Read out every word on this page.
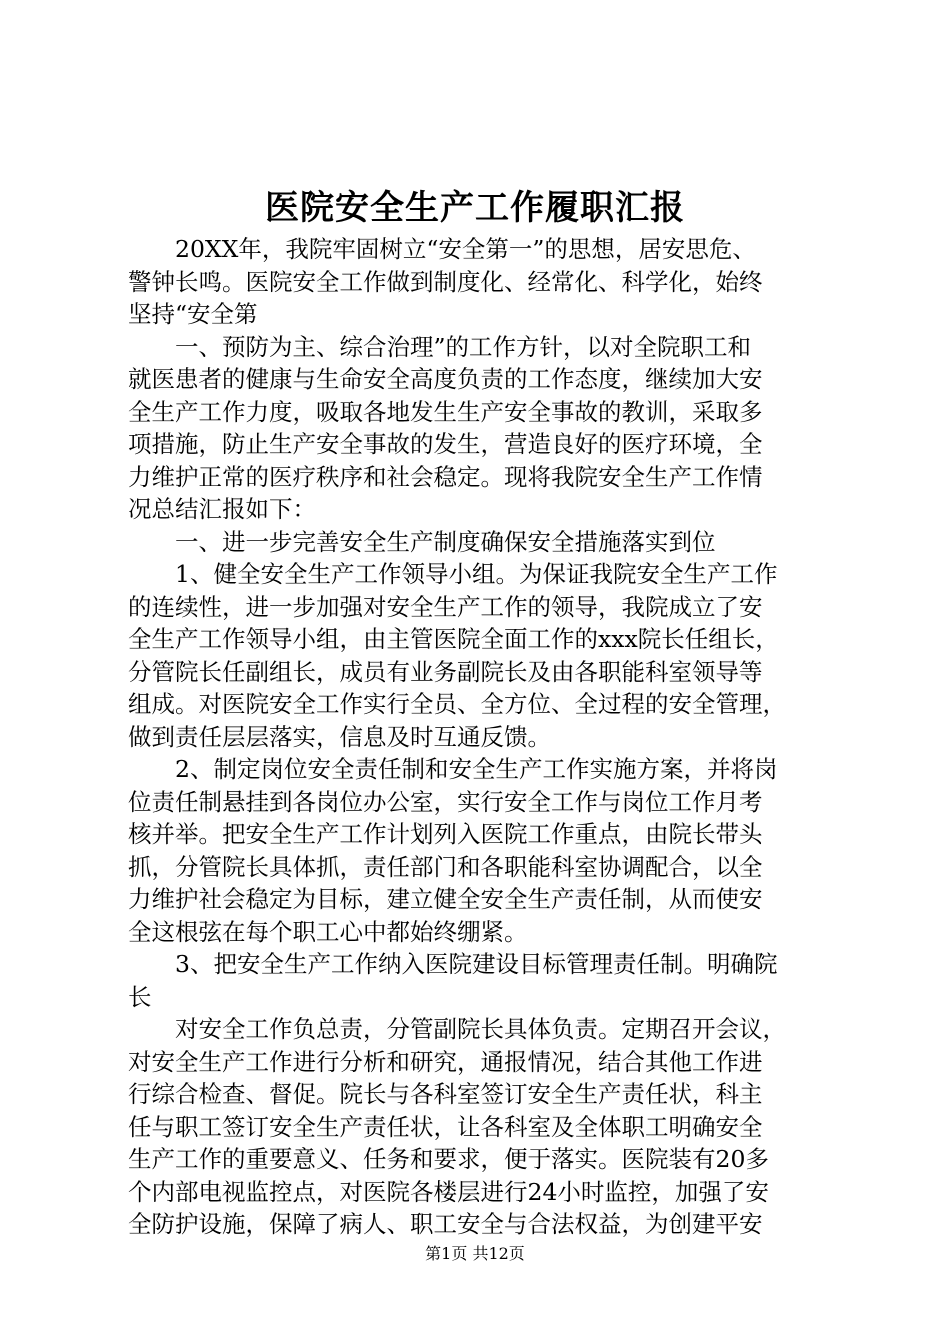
医院安全生产工作履职汇报
　　20XX年，我院牢固树立“安全第一”的思想，居安思危、
警钟长鸣。医院安全工作做到制度化、经常化、科学化，始终
坚持“安全第
　　一、预防为主、综合治理”的工作方针，以对全院职工和
就医患者的健康与生命安全高度负责的工作态度，继续加大安
全生产工作力度，吸取各地发生生产安全事故的教训，采取多
项措施，防止生产安全事故的发生，营造良好的医疗环境，全
力维护正常的医疗秩序和社会稳定。现将我院安全生产工作情
况总结汇报如下：
　　一、进一步完善安全生产制度确保安全措施落实到位
　　1、健全安全生产工作领导小组。为保证我院安全生产工作
的连续性，进一步加强对安全生产工作的领导，我院成立了安
全生产工作领导小组，由主管医院全面工作的xxx院长任组长，
分管院长任副组长，成员有业务副院长及由各职能科室领导等
组成。对医院安全工作实行全员、全方位、全过程的安全管理，
做到责任层层落实，信息及时互通反馈。
　　2、制定岗位安全责任制和安全生产工作实施方案，并将岗
位责任制悬挂到各岗位办公室，实行安全工作与岗位工作月考
核并举。把安全生产工作计划列入医院工作重点，由院长带头
抓，分管院长具体抓，责任部门和各职能科室协调配合，以全
力维护社会稳定为目标，建立健全安全生产责任制，从而使安
全这根弦在每个职工心中都始终绷紧。
　　3、把安全生产工作纳入医院建设目标管理责任制。明确院
长
　　对安全工作负总责，分管副院长具体负责。定期召开会议，
对安全生产工作进行分析和研究，通报情况，结合其他工作进
行综合检查、督促。院长与各科室签订安全生产责任状，科主
任与职工签订安全生产责任状，让各科室及全体职工明确安全
生产工作的重要意义、任务和要求，便于落实。医院装有20多
个内部电视监控点，对医院各楼层进行24小时监控，加强了安
全防护设施，保障了病人、职工安全与合法权益，为创建平安
第1页 共12页
